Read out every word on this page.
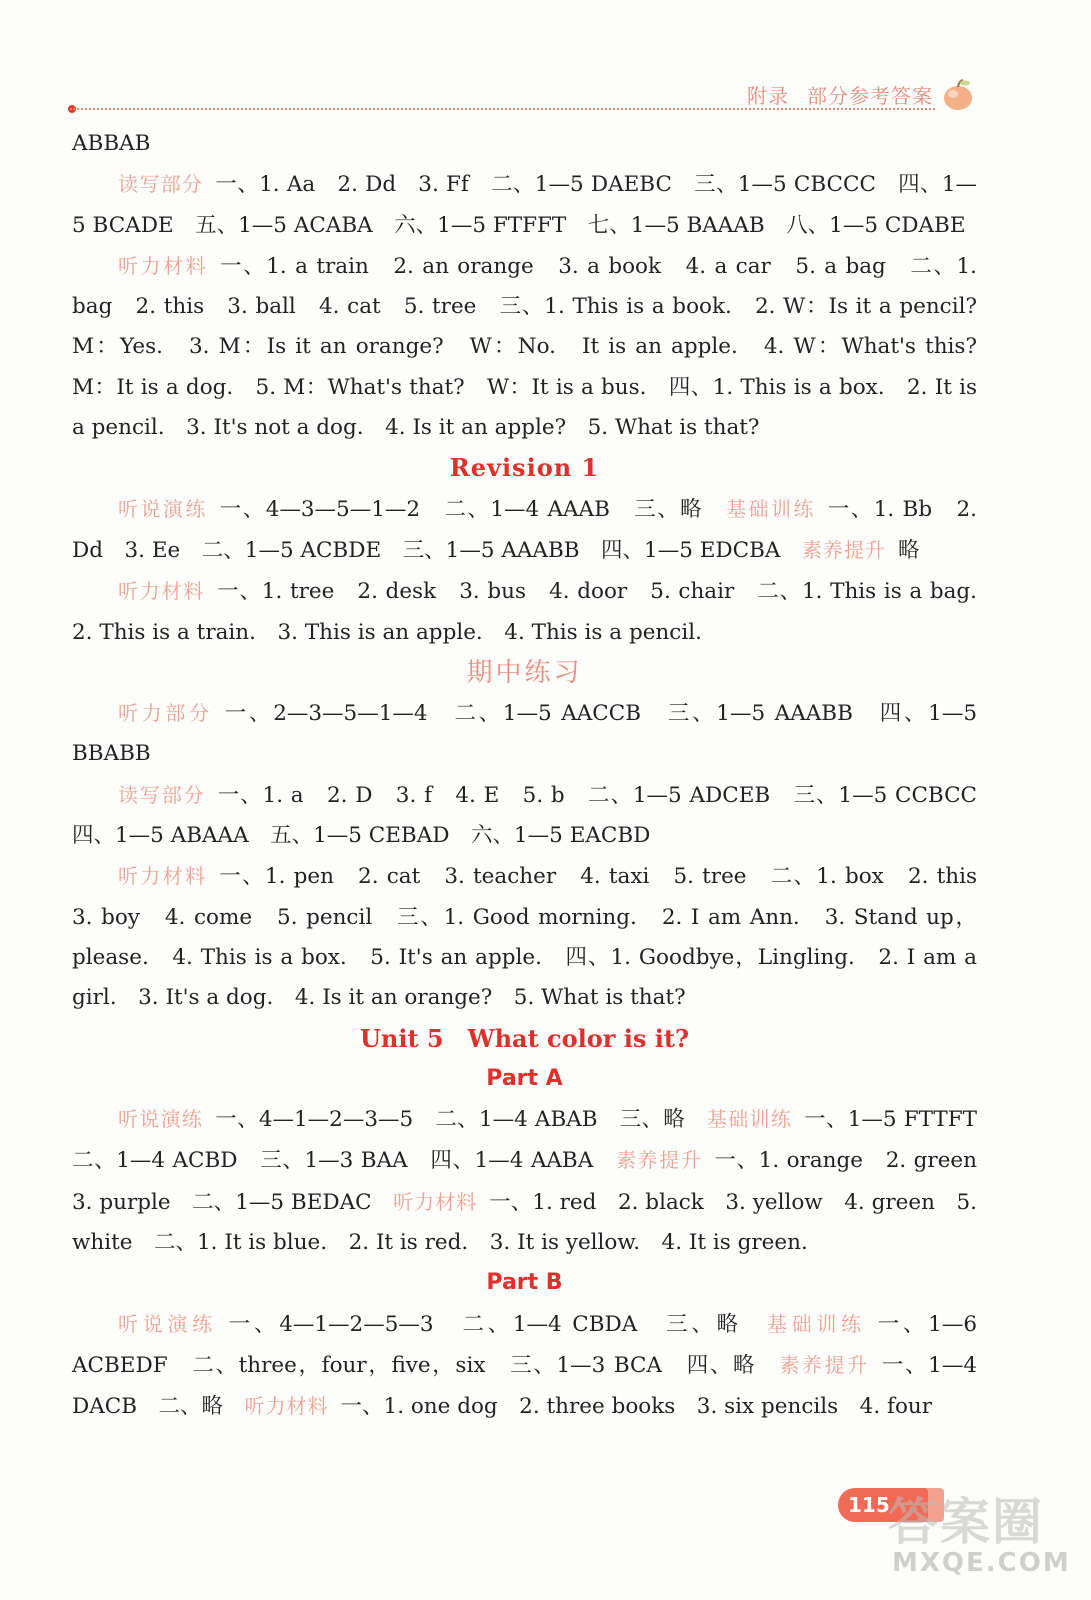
附录 部分参考答案

ABBAB

读写部分 一、1. Aa　2. Dd　3. Ff　二、1—5 DAEBC　三、1—5 CBCCC　四、1—5 BCADE　五、1—5 ACABA　六、1—5 FTFFT　七、1—5 BAAAB　八、1—5 CDABE

听力材料 一、1. a train　2. an orange　3. a book　4. a car　5. a bag　二、1. bag　2. this　3. ball　4. cat　5. tree　三、1. This is a book.　2. W：Is it a pencil?　M：Yes.　3. M：Is it an orange?　W：No.　It is an apple.　4. W：What's this?　M：It is a dog.　5. M：What's that?　W：It is a bus.　四、1. This is a box.　2. It is a pencil.　3. It's not a dog.　4. Is it an apple?　5. What is that?

Revision 1

听说演练 一、4—3—5—1—2　二、1—4 AAAB　三、略　基础训练 一、1. Bb　2. Dd　3. Ee　二、1—5 ACBDE　三、1—5 AAABB　四、1—5 EDCBA　素养提升 略

听力材料 一、1. tree　2. desk　3. bus　4. door　5. chair　二、1. This is a bag.　2. This is a train.　3. This is an apple.　4. This is a pencil.

期中练习

听力部分 一、2—3—5—1—4　二、1—5 AACCB　三、1—5 AAABB　四、1—5 BBABB

读写部分 一、1. a　2. D　3. f　4. E　5. b　二、1—5 ADCEB　三、1—5 CCBCC　四、1—5 ABAAA　五、1—5 CEBAD　六、1—5 EACBD

听力材料 一、1. pen　2. cat　3. teacher　4. taxi　5. tree　二、1. box　2. this　3. boy　4. come　5. pencil　三、1. Good morning.　2. I am Ann.　3. Stand up，please.　4. This is a box.　5. It's an apple.　四、1. Goodbye，Lingling.　2. I am a girl.　3. It's a dog.　4. Is it an orange?　5. What is that?

Unit 5　What color is it?

Part A

听说演练 一、4—1—2—3—5　二、1—4 ABAB　三、略　基础训练 一、1—5 FTTFT　二、1—4 ACBD　三、1—3 BAA　四、1—4 AABA　素养提升 一、1. orange　2. green　3. purple　二、1—5 BEDAC　听力材料 一、1. red　2. black　3. yellow　4. green　5. white　二、1. It is blue.　2. It is red.　3. It is yellow.　4. It is green.

Part B

听说演练 一、4—1—2—5—3　二、1—4 CBDA　三、略　基础训练 一、1—6 ACBEDF　二、three，four，five，six　三、1—3 BCA　四、略　素养提升 一、1—4 DACB　二、略　听力材料 一、1. one dog　2. three books　3. six pencils　4. four

115
答案圈
MXQE.COM
